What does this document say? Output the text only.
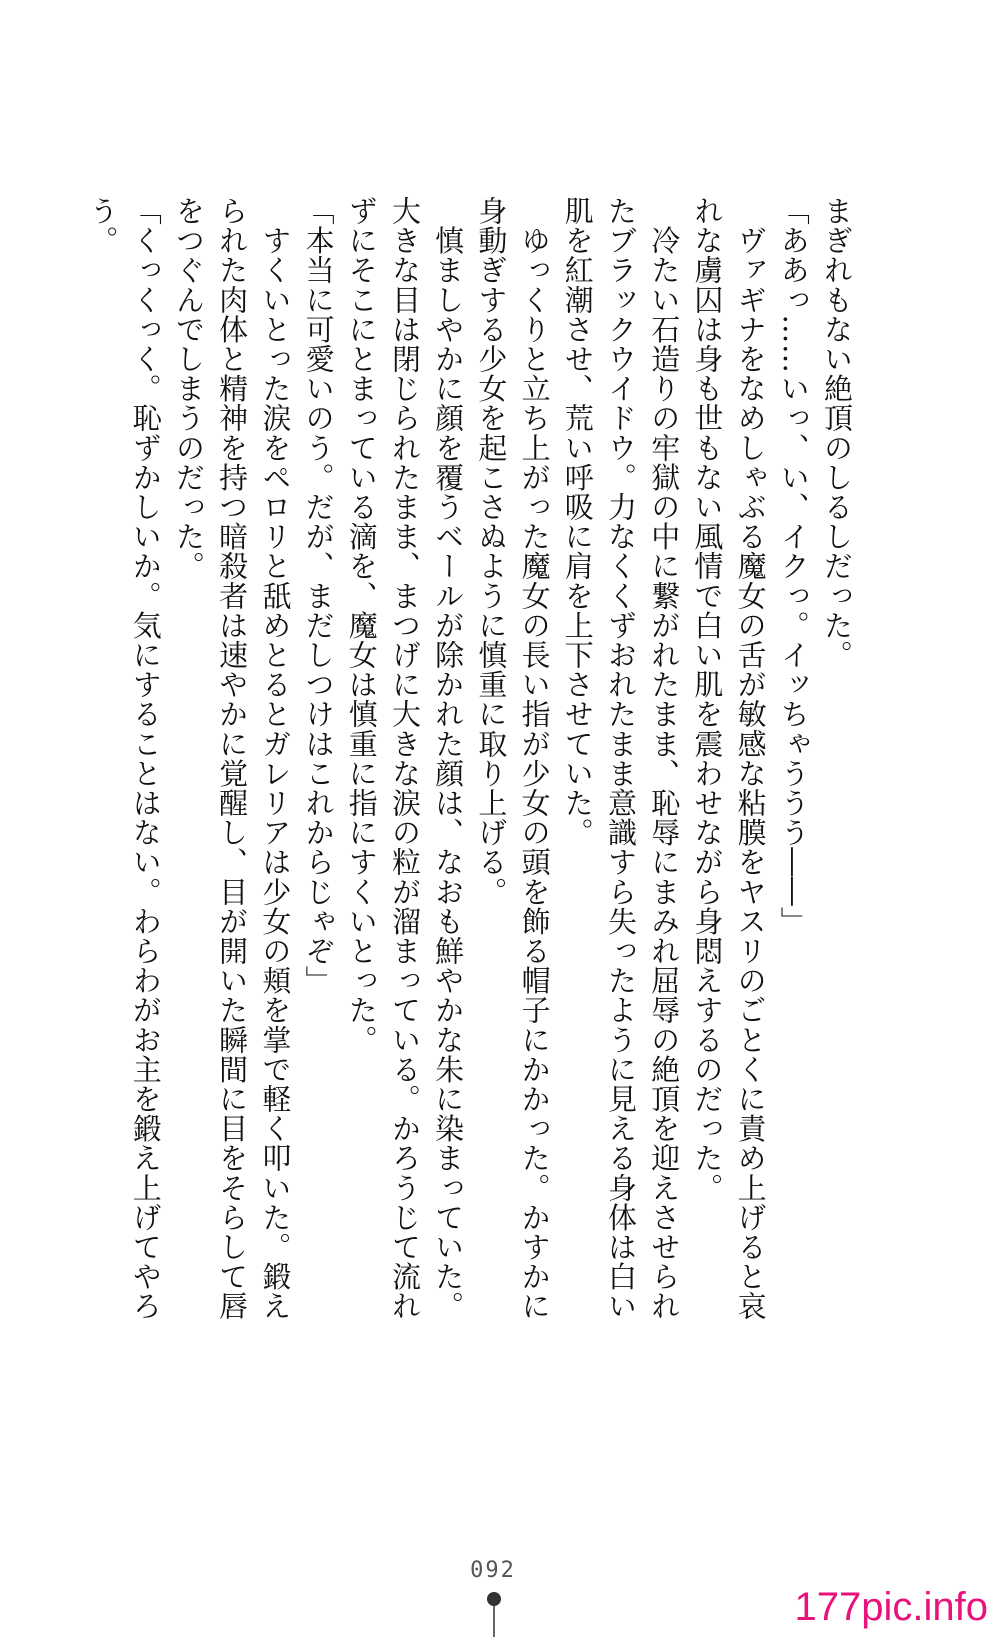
まぎれもない絶頂のしるしだった。

「ああっ……いっ、い、イクっ。イッちゃううう――」

　ヴァギナをなめしゃぶる魔女の舌が敏感な粘膜をヤスリのごとくに責め上げると哀れな虜囚は身も世もない風情で白い肌を震わせながら身悶えするのだった。

　冷たい石造りの牢獄の中に繋がれたまま、恥辱にまみれ屈辱の絶頂を迎えさせられたブラックウイドウ。力なくくずおれたまま意識すら失ったように見える身体は白い肌を紅潮させ、荒い呼吸に肩を上下させていた。

　ゆっくりと立ち上がった魔女の長い指が少女の頭を飾る帽子にかかった。かすかに身動ぎする少女を起こさぬように慎重に取り上げる。

　慎ましやかに顔を覆うベールが除かれた顔は、なおも鮮やかな朱に染まっていた。大きな目は閉じられたまま、まつげに大きな涙の粒が溜まっている。かろうじて流れずにそこにとまっている滴を、魔女は慎重に指にすくいとった。

「本当に可愛いのう。だが、まだしつけはこれからじゃぞ」

　すくいとった涙をペロリと舐めとるとガレリアは少女の頬を掌で軽く叩いた。鍛えられた肉体と精神を持つ暗殺者は速やかに覚醒し、目が開いた瞬間に目をそらして唇をつぐんでしまうのだった。

「くっくっく。恥ずかしいか。気にすることはない。わらわがお主を鍛え上げてやろう。

092
177pic.info
